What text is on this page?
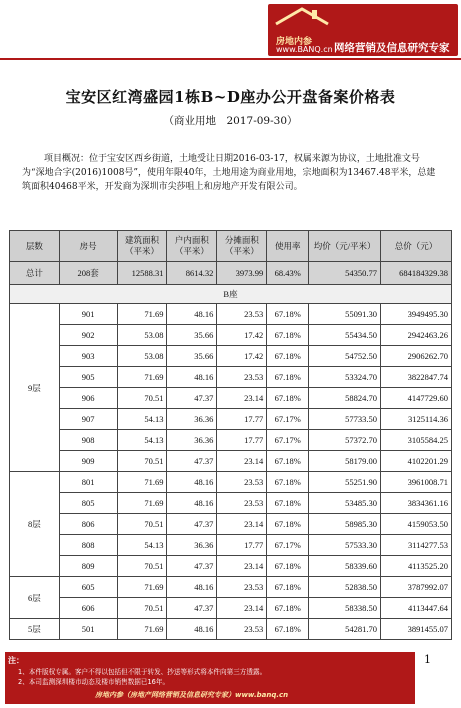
房地内参
www.BANQ.cn 网络营销及信息研究专家
宝安区红湾盛园1栋B~D座办公开盘备案价格表
（商业用地　2017-09-30）
项目概况：位于宝安区西乡街道，土地受让日期2016-03-17，权属来源为协议，土地批准文号为“深地合字(2016)1008号”，使用年限40年，土地用途为商业用地，宗地面积为13467.48平米，总建筑面积40468平米，开发商为深圳市尖莎咀上和房地产开发有限公司。
层数	房号	建筑面积（平米）	户内面积（平米）	分摊面积（平米）	使用率	均价（元/平米）	总价（元）
总计	208套	12588.31	8614.32	3973.99	68.43%	54350.77	684184329.38
B座							
9层	901	71.69	48.16	23.53	67.18%	55091.30	3949495.30
	902	53.08	35.66	17.42	67.18%	55434.50	2942463.26
	903	53.08	35.66	17.42	67.18%	54752.50	2906262.70
	905	71.69	48.16	23.53	67.18%	53324.70	3822847.74
	906	70.51	47.37	23.14	67.18%	58824.70	4147729.60
	907	54.13	36.36	17.77	67.17%	57733.50	3125114.36
	908	54.13	36.36	17.77	67.17%	57372.70	3105584.25
	909	70.51	47.37	23.14	67.18%	58179.00	4102201.29
8层	801	71.69	48.16	23.53	67.18%	55251.90	3961008.71
	805	71.69	48.16	23.53	67.18%	53485.30	3834361.16
	806	70.51	47.37	23.14	67.18%	58985.30	4159053.50
	808	54.13	36.36	17.77	67.17%	57533.30	3114277.53
	809	70.51	47.37	23.14	67.18%	58339.60	4113525.20
6层	605	71.69	48.16	23.53	67.18%	52838.50	3787992.07
	606	70.51	47.37	23.14	67.18%	58338.50	4113447.64
5层	501	71.69	48.16	23.53	67.18%	54281.70	3891455.07
注：
1、本件版权专属。客户不得以包括但不限于转发、抄送等形式将本件向第三方透露。
2、本司监测深圳楼市动态及楼市销售数据已16年。
房地内参（房地产网络营销及信息研究专家）www.banq.cn
1
